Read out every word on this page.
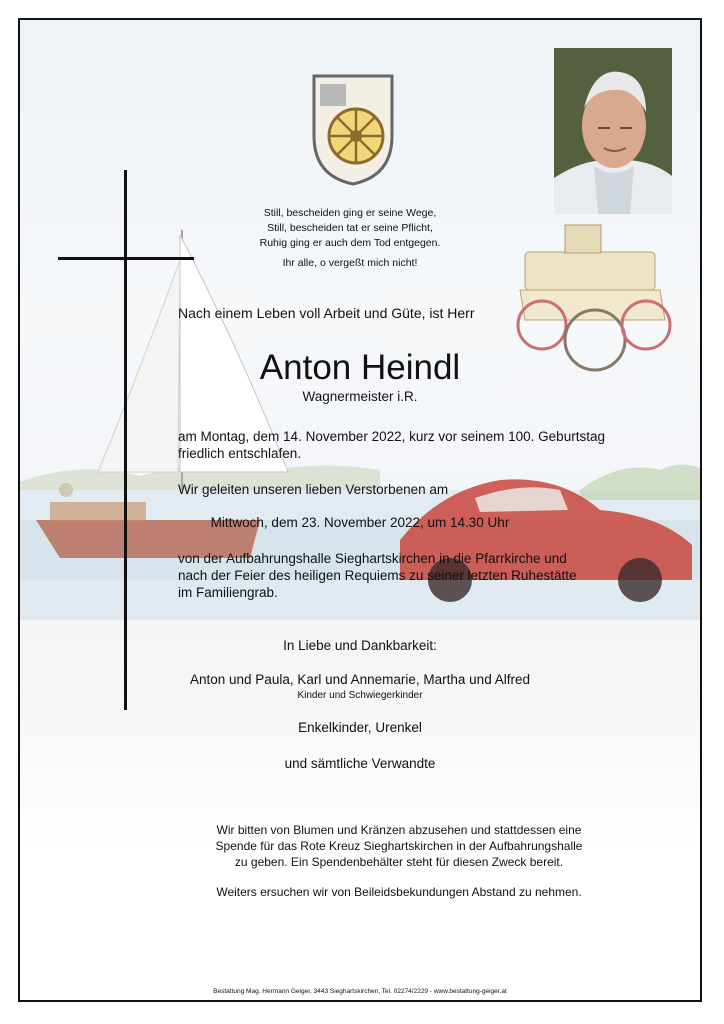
Still, bescheiden ging er seine Wege,
Still, bescheiden tat er seine Pflicht,
Ruhig ging er auch dem Tod entgegen.
Ihr alle, o vergeßt mich nicht!
Nach einem Leben voll Arbeit und Güte, ist Herr
Anton Heindl
Wagnermeister i.R.
am Montag, dem 14. November 2022, kurz vor seinem 100. Geburtstag
friedlich entschlafen.
Wir geleiten unseren lieben Verstorbenen am
Mittwoch, dem 23. November 2022, um 14.30 Uhr
von der Aufbahrungshalle Sieghartskirchen in die Pfarrkirche und
nach der Feier des heiligen Requiems zu seiner letzten Ruhestätte
im Familiengrab.
In Liebe und Dankbarkeit:
Anton und Paula, Karl und Annemarie, Martha und Alfred
Kinder und Schwiegerkinder
Enkelkinder, Urenkel
und sämtliche Verwandte
Wir bitten von Blumen und Kränzen abzusehen und stattdessen eine
Spende für das Rote Kreuz Sieghartskirchen in der Aufbahrungshalle
zu geben. Ein Spendenbehälter steht für diesen Zweck bereit.
Weiters ersuchen wir von Beileidsbekundungen Abstand zu nehmen.
Bestattung Mag. Hermann Geiger, 3443 Sieghartskirchen, Tel. 02274/2229 - www.bestattung-geiger.at
